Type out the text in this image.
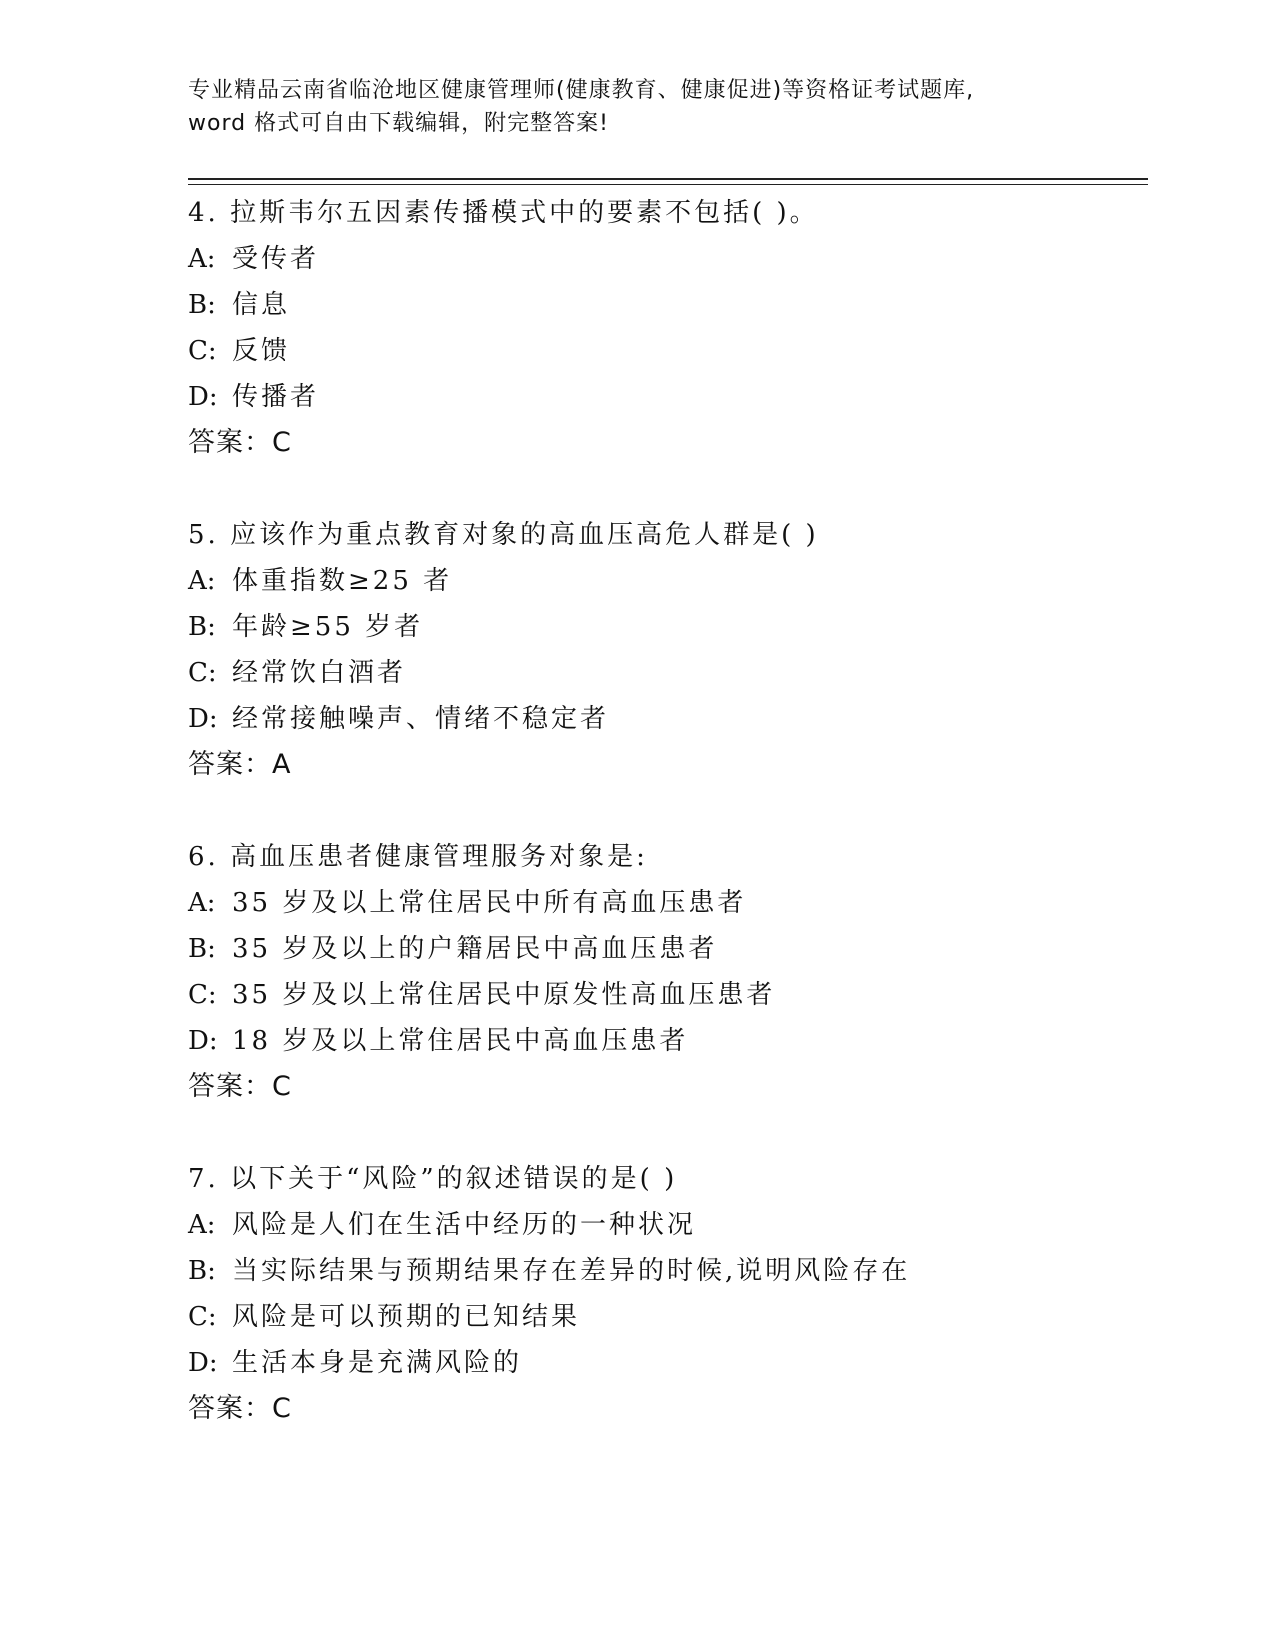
专业精品云南省临沧地区健康管理师(健康教育、健康促进)等资格证考试题库,
word 格式可自由下载编辑，附完整答案!
4. 拉斯韦尔五因素传播模式中的要素不包括( )。
A: 受传者
B: 信息
C: 反馈
D: 传播者
答案：C
5. 应该作为重点教育对象的高血压高危人群是( )
A: 体重指数≥25 者
B: 年龄≥55 岁者
C: 经常饮白酒者
D: 经常接触噪声、情绪不稳定者
答案：A
6. 高血压患者健康管理服务对象是:
A: 35 岁及以上常住居民中所有高血压患者
B: 35 岁及以上的户籍居民中高血压患者
C: 35 岁及以上常住居民中原发性高血压患者
D: 18 岁及以上常住居民中高血压患者
答案：C
7. 以下关于“风险”的叙述错误的是( )
A: 风险是人们在生活中经历的一种状况
B: 当实际结果与预期结果存在差异的时候,说明风险存在
C: 风险是可以预期的已知结果
D: 生活本身是充满风险的
答案：C
